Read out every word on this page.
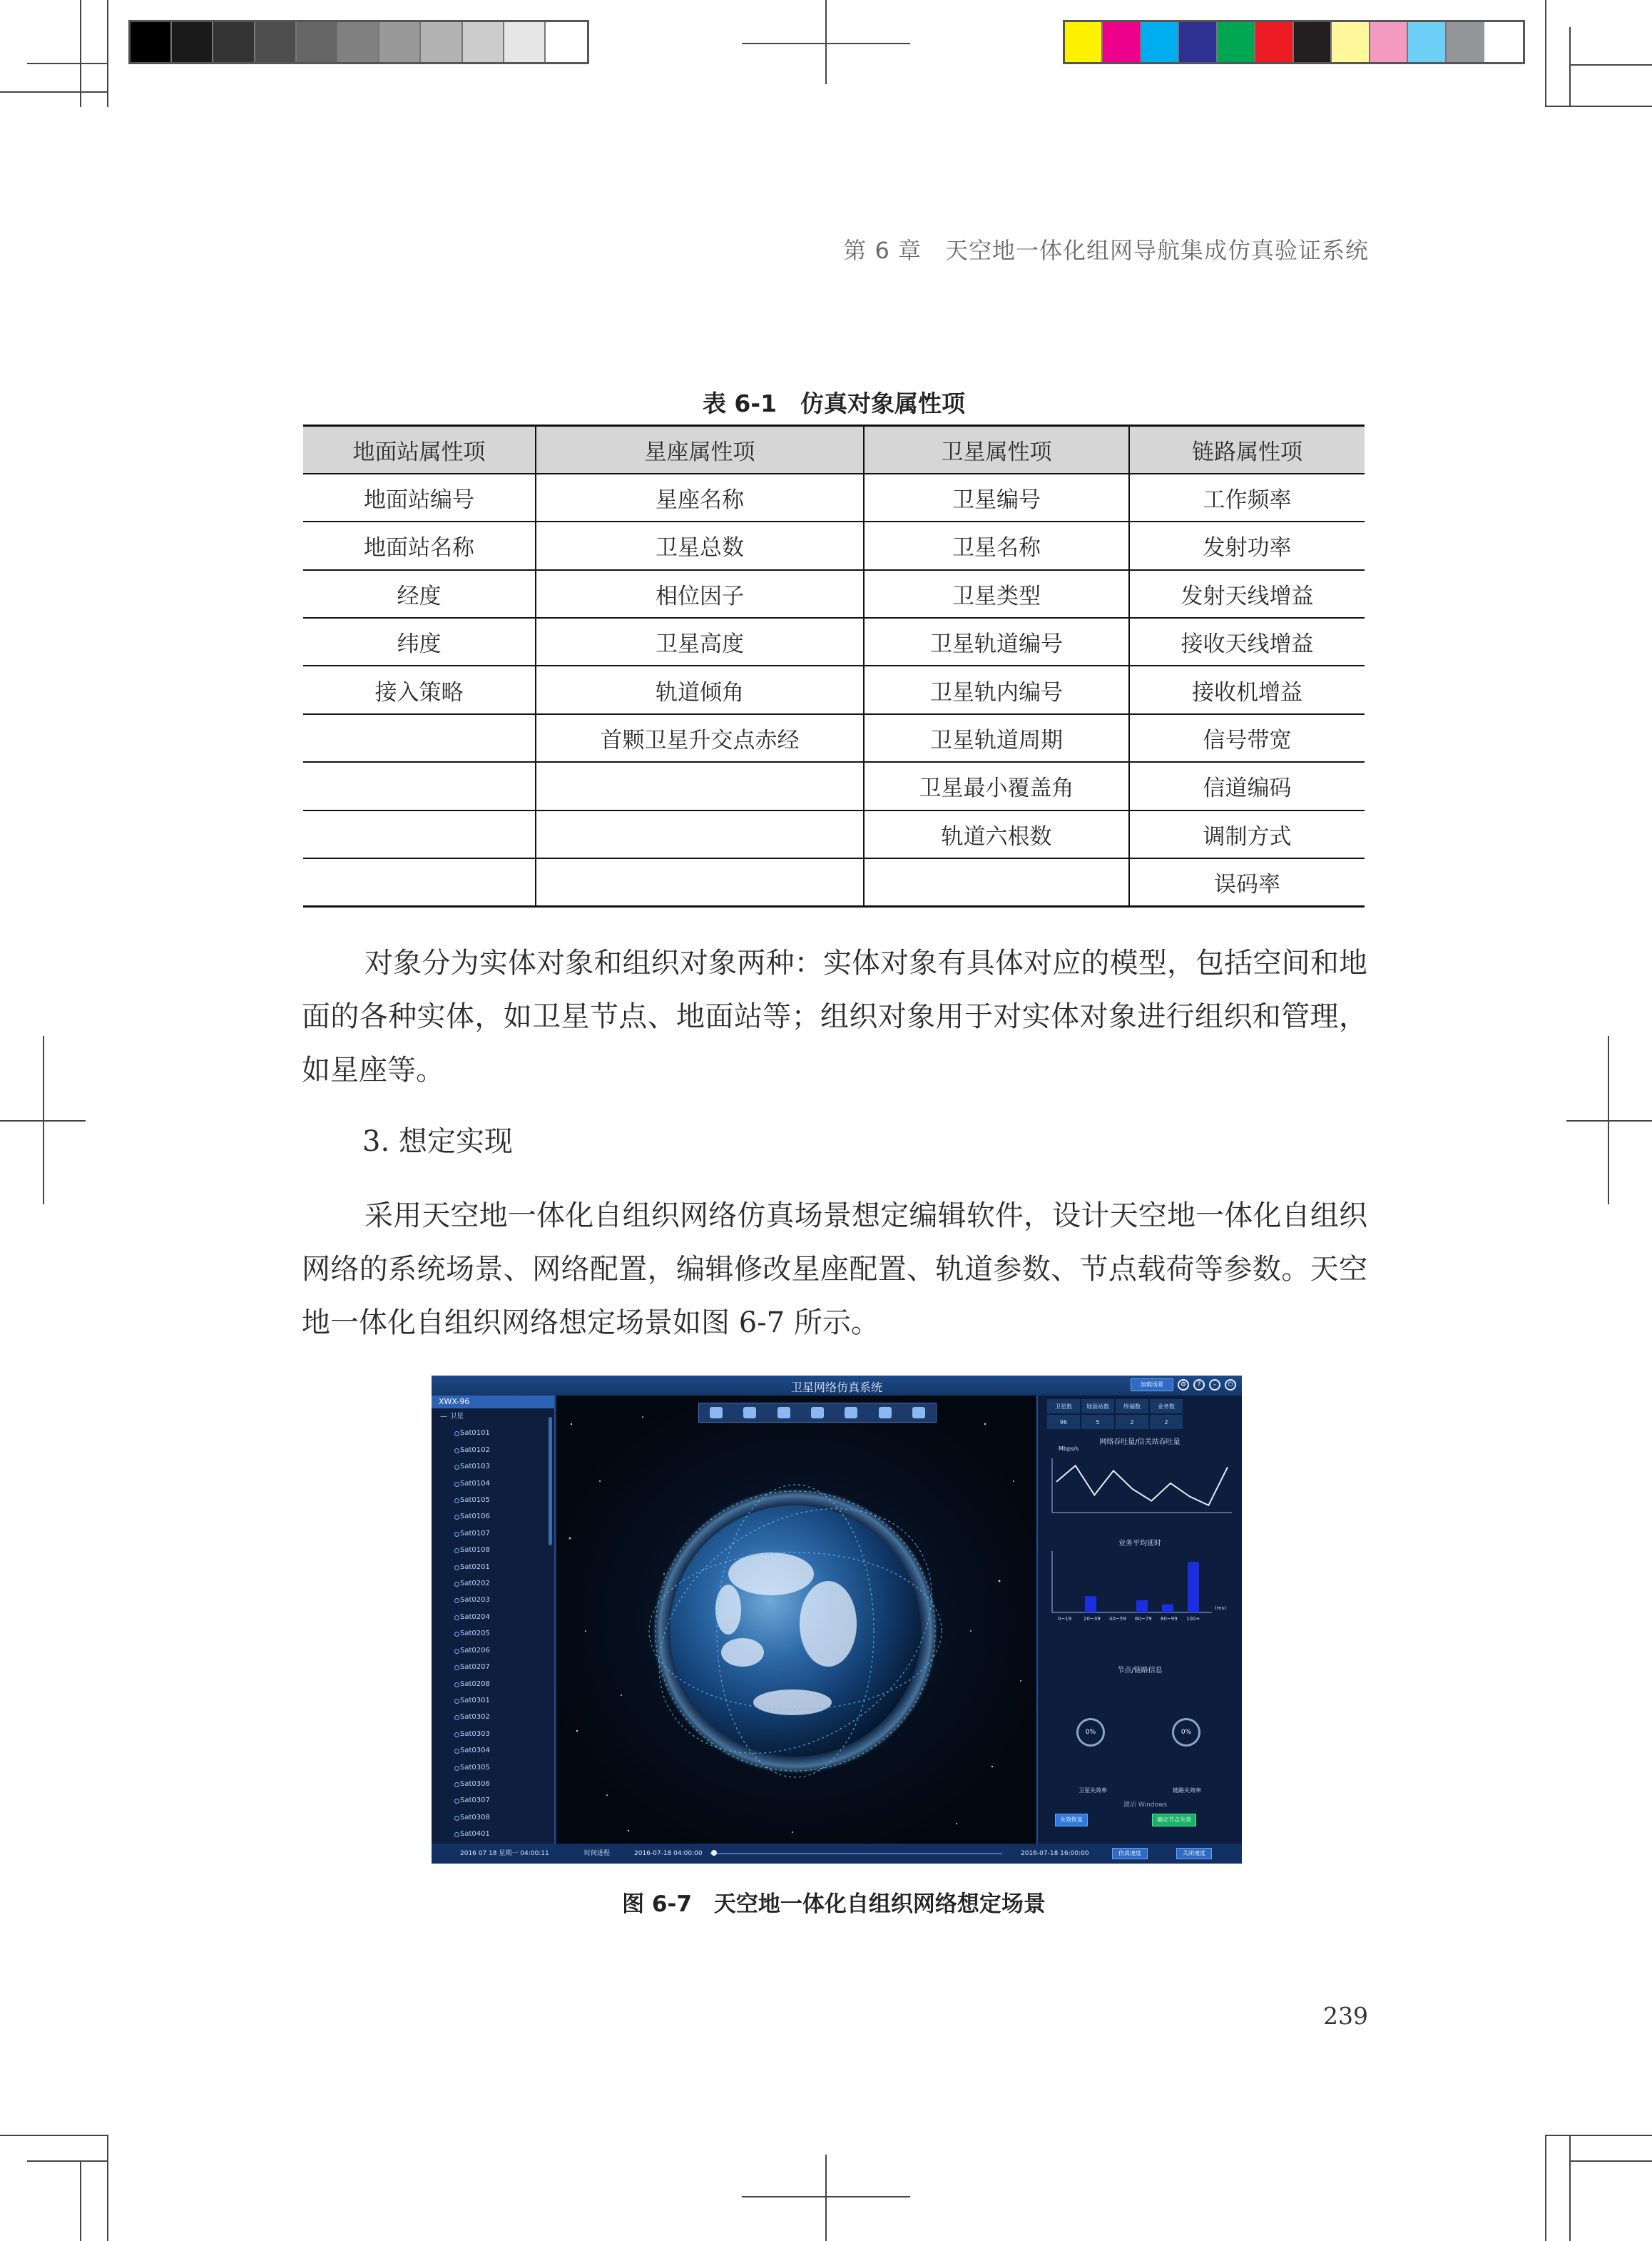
第 6 章　天空地一体化组网导航集成仿真验证系统
表 6-1　仿真对象属性项
地面站属性项	星座属性项	卫星属性项	链路属性项
地面站编号	星座名称	卫星编号	工作频率
地面站名称	卫星总数	卫星名称	发射功率
经度	相位因子	卫星类型	发射天线增益
纬度	卫星高度	卫星轨道编号	接收天线增益
接入策略	轨道倾角	卫星轨内编号	接收机增益
	首颗卫星升交点赤经	卫星轨道周期	信号带宽
		卫星最小覆盖角	信道编码
		轨道六根数	调制方式
			误码率

对象分为实体对象和组织对象两种：实体对象有具体对应的模型，包括空间和地面的各种实体，如卫星节点、地面站等；组织对象用于对实体对象进行组织和管理，如星座等。

3. 想定实现

采用天空地一体化自组织网络仿真场景想定编辑软件，设计天空地一体化自组织网络的系统场景、网络配置，编辑修改星座配置、轨道参数、节点载荷等参数。天空地一体化自组织网络想定场景如图 6-7 所示。

卫星网络仿真系统	加载场景	⚙	?	–	⏻
XWX-96
— 卫星
Sat0101
Sat0102
Sat0103
Sat0104
Sat0105
Sat0106
Sat0107
Sat0108
Sat0201
Sat0202
Sat0203
Sat0204
Sat0205
Sat0206
Sat0207
Sat0208
Sat0301
Sat0302
Sat0303
Sat0304
Sat0305
Sat0306
Sat0307
Sat0308
Sat0401
卫星数	地面站数	终端数	业务数
96	5	2	2
网络吞吐量/信关站吞吐量
Mbps/s
业务平均延时
0~19 20~39 40~59 60~79 80~99 100+
(ms)
节点/链路信息
0%	0%
卫星失效率	链路失效率
激活 Windows
失效恢复	确定节点失效
2016 07 18 星期一 04:00:11	时间进程	2016-07-18 04:00:00	2016-07-18 16:00:00	仿真速度	关闭速度
图 6-7　天空地一体化自组织网络想定场景
239
